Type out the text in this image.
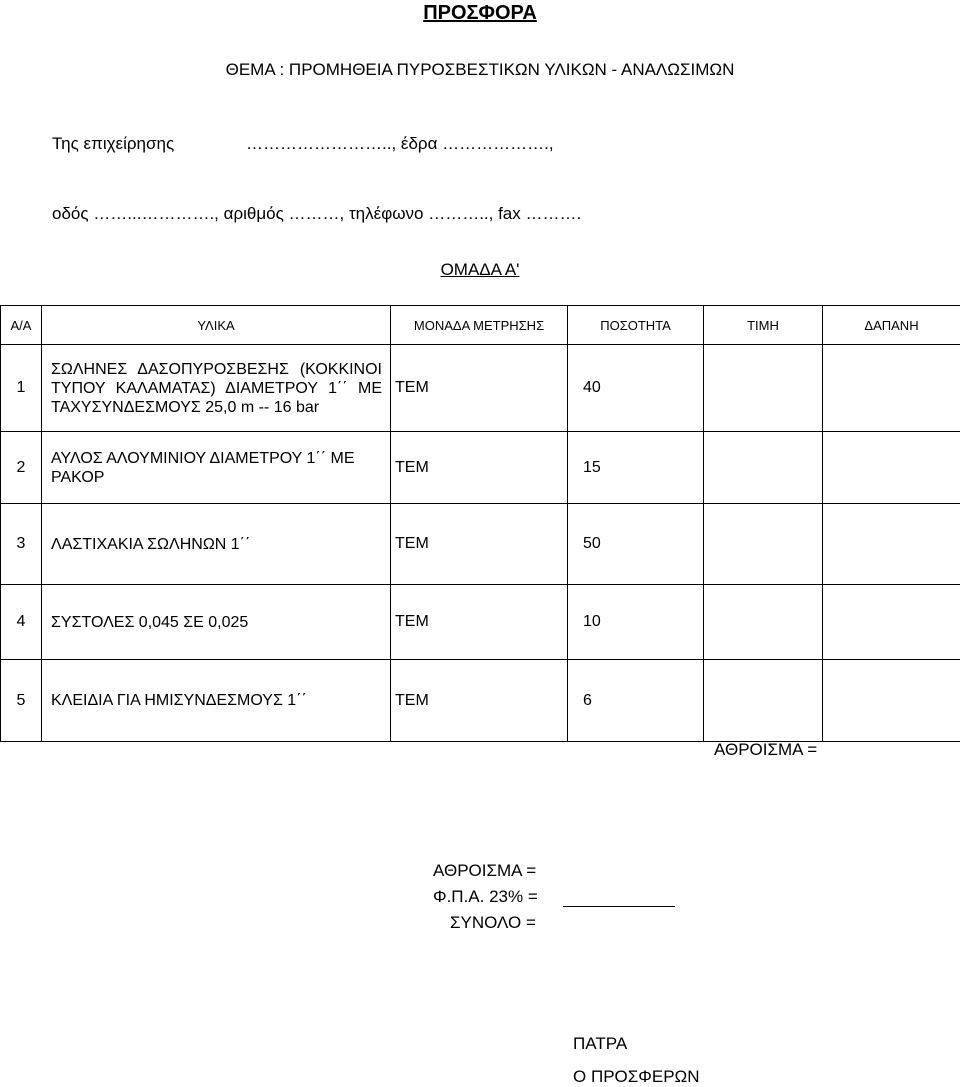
ΠΡΟΣΦΟΡΑ
ΘΕΜΑ : ΠΡΟΜΗΘΕΙΑ ΠΥΡΟΣΒΕΣΤΙΚΩΝ ΥΛΙΚΩΝ - ΑΝΑΛΩΣΙΜΩΝ
Της επιχείρησης	…………………….., έδρα ……………….,
οδός ……...…………., αριθμός ………, τηλέφωνο ……….., fax ……….
ΟΜΑΔΑ Α'
Α/Α	ΥΛΙΚΑ	ΜΟΝΑΔΑ ΜΕΤΡΗΣΗΣ	ΠΟΣΟΤΗΤΑ	ΤΙΜΗ	ΔΑΠΑΝΗ
1	ΣΩΛΗΝΕΣ ΔΑΣΟΠΥΡΟΣΒΕΣΗΣ (ΚΟΚΚΙΝΟΙ ΤΥΠΟΥ ΚΑΛΑΜΑΤΑΣ) ΔΙΑΜΕΤΡΟΥ 1΄΄ ΜΕ ΤΑΧΥΣΥΝΔΕΣΜΟΥΣ 25,0 m -- 16 bar	ΤΕΜ	40		
2	ΑΥΛΟΣ ΑΛΟΥΜΙΝΙΟΥ ΔΙΑΜΕΤΡΟΥ 1΄΄ ΜΕ ΡΑΚΟΡ	ΤΕΜ	15		
3	ΛΑΣΤΙΧΑΚΙΑ ΣΩΛΗΝΩΝ 1΄΄	ΤΕΜ	50		
4	ΣΥΣΤΟΛΕΣ 0,045 ΣΕ 0,025	ΤΕΜ	10		
5	ΚΛΕΙΔΙΑ ΓΙΑ ΗΜΙΣΥΝΔΕΣΜΟΥΣ 1΄΄	ΤΕΜ	6		
ΑΘΡΟΙΣΜΑ =
ΑΘΡΟΙΣΜΑ =
Φ.Π.Α. 23% =
ΣΥΝΟΛΟ =
ΠΑΤΡΑ
Ο ΠΡΟΣΦΕΡΩΝ
